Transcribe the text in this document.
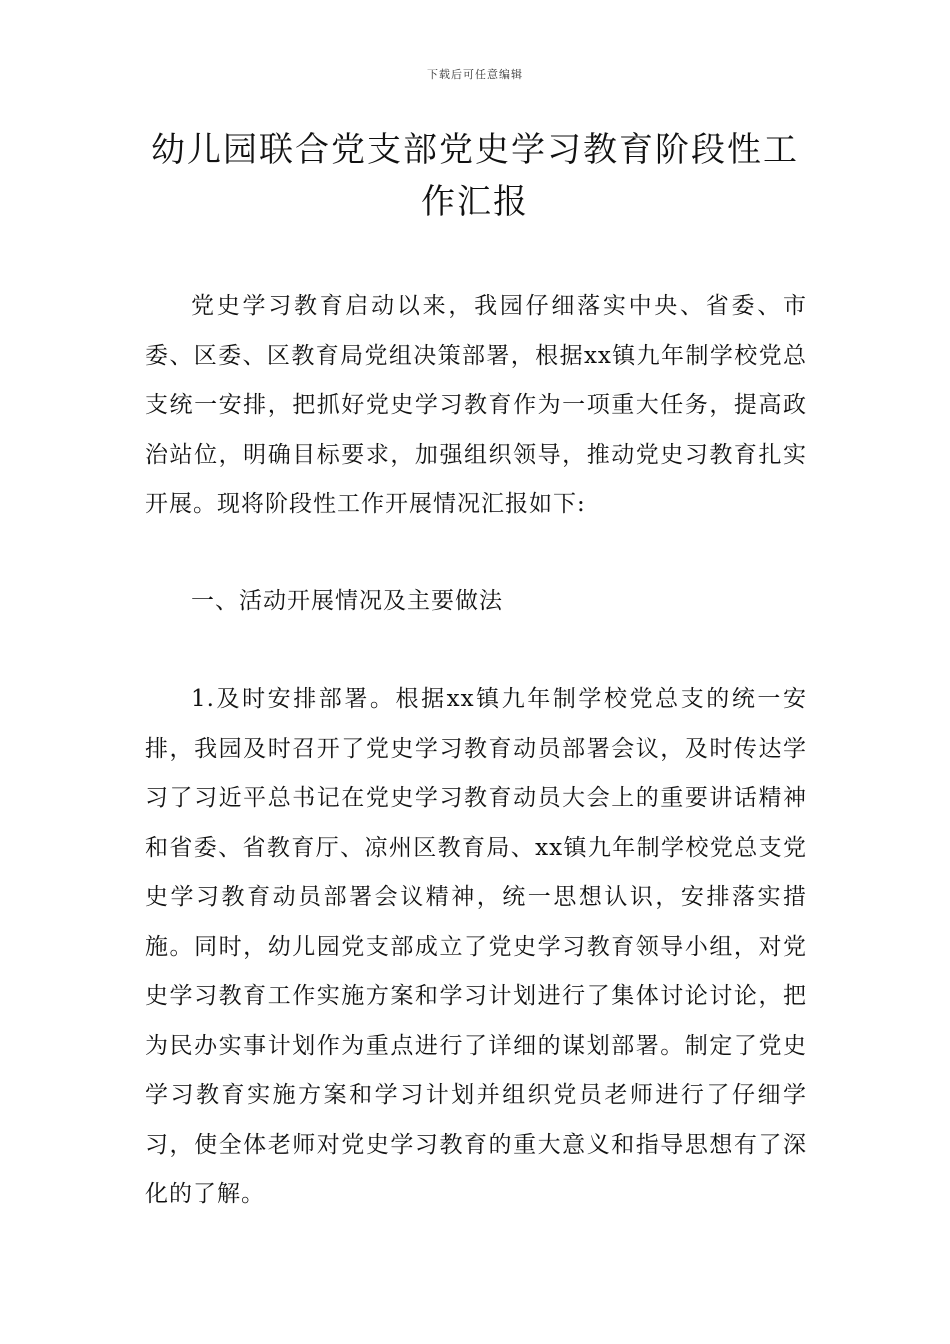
下载后可任意编辑
幼儿园联合党支部党史学习教育阶段性工作汇报

党史学习教育启动以来，我园仔细落实中央、省委、市委、区委、区教育局党组决策部署，根据xx镇九年制学校党总支统一安排，把抓好党史学习教育作为一项重大任务，提高政治站位，明确目标要求，加强组织领导，推动党史习教育扎实开展。现将阶段性工作开展情况汇报如下:

一、活动开展情况及主要做法

1.及时安排部署。根据xx镇九年制学校党总支的统一安排，我园及时召开了党史学习教育动员部署会议，及时传达学习了习近平总书记在党史学习教育动员大会上的重要讲话精神和省委、省教育厅、凉州区教育局、xx镇九年制学校党总支党史学习教育动员部署会议精神，统一思想认识，安排落实措施。同时，幼儿园党支部成立了党史学习教育领导小组，对党史学习教育工作实施方案和学习计划进行了集体讨论讨论，把为民办实事计划作为重点进行了详细的谋划部署。制定了党史学习教育实施方案和学习计划并组织党员老师进行了仔细学习，使全体老师对党史学习教育的重大意义和指导思想有了深化的了解。
